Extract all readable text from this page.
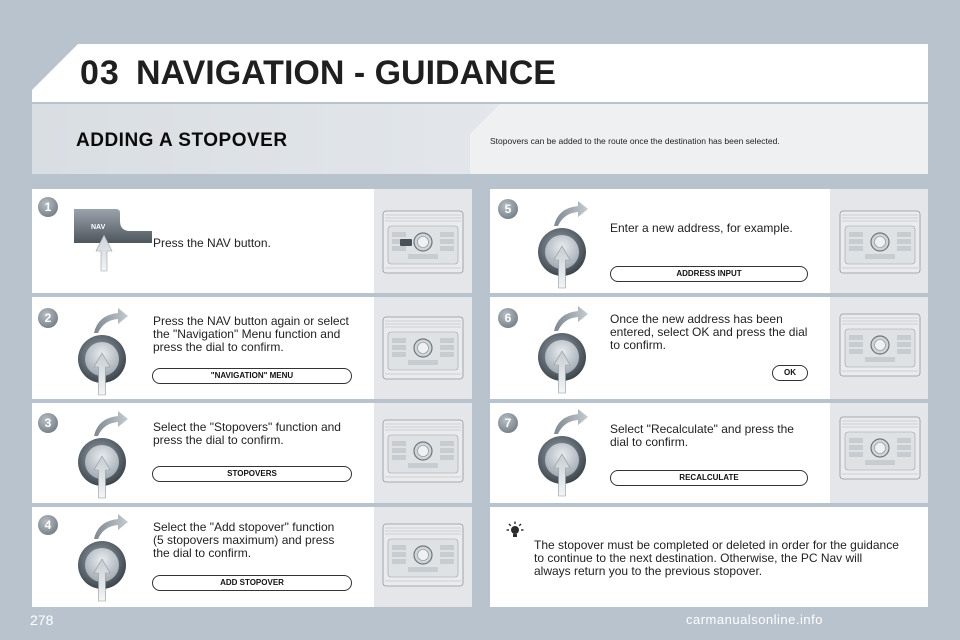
03 NAVIGATION - GUIDANCE
ADDING A STOPOVER	Stopovers can be added to the route once the destination has been selected.
1
2
3
4
5
6
7
NAV
Press the NAV button.
Press the NAV button again or select
the "Navigation" Menu function and
press the dial to confirm.
"NAVIGATION" MENU
Select the "Stopovers" function and
press the dial to confirm.
STOPOVERS
Select the "Add stopover" function
(5 stopovers maximum) and press
the dial to confirm.
ADD STOPOVER
Enter a new address, for example.
ADDRESS INPUT
Once the new address has been
entered, select OK and press the dial
to confirm.
OK
Select "Recalculate" and press the
dial to confirm.
RECALCULATE
The stopover must be completed or deleted in order for the guidance
to continue to the next destination. Otherwise, the PC Nav will
always return you to the previous stopover.
278	carmanualsonline.info
